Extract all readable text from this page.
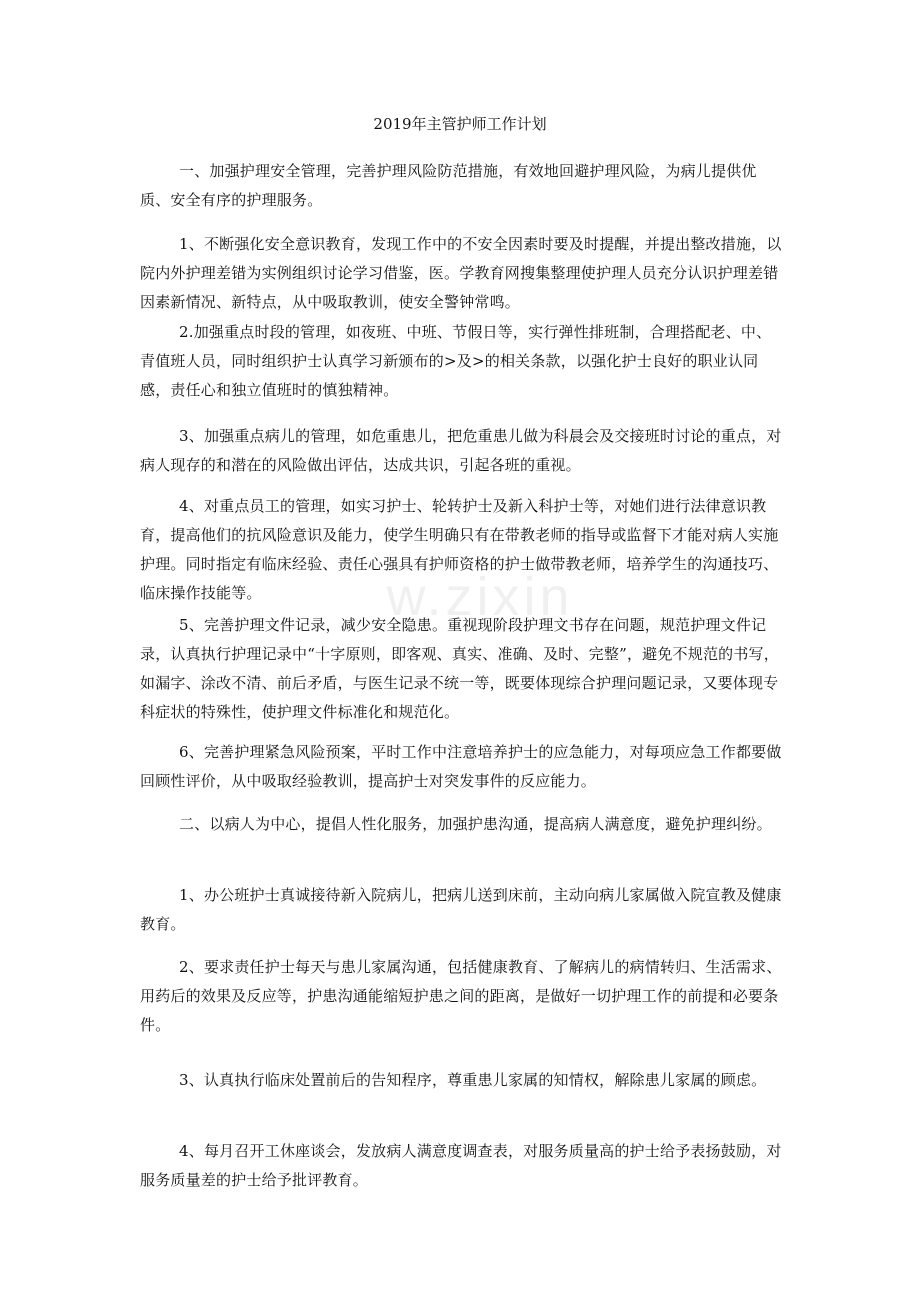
2019年主管护师工作计划
w.zixin

一、加强护理安全管理，完善护理风险防范措施，有效地回避护理风险，为病儿提供优质、安全有序的护理服务。

1、不断强化安全意识教育，发现工作中的不安全因素时要及时提醒，并提出整改措施，以院内外护理差错为实例组织讨论学习借鉴，医。学教育网搜集整理使护理人员充分认识护理差错因素新情况、新特点，从中吸取教训，使安全警钟常鸣。

2.加强重点时段的管理，如夜班、中班、节假日等，实行弹性排班制，合理搭配老、中、青值班人员，同时组织护士认真学习新颁布的>及>的相关条款，以强化护士良好的职业认同感，责任心和独立值班时的慎独精神。

3、加强重点病儿的管理，如危重患儿，把危重患儿做为科晨会及交接班时讨论的重点，对病人现存的和潜在的风险做出评估，达成共识，引起各班的重视。

4、对重点员工的管理，如实习护士、轮转护士及新入科护士等，对她们进行法律意识教育，提高他们的抗风险意识及能力，使学生明确只有在带教老师的指导或监督下才能对病人实施护理。同时指定有临床经验、责任心强具有护师资格的护士做带教老师，培养学生的沟通技巧、临床操作技能等。

5、完善护理文件记录，减少安全隐患。重视现阶段护理文书存在问题，规范护理文件记录，认真执行护理记录中“十字原则，即客观、真实、准确、及时、完整”，避免不规范的书写，如漏字、涂改不清、前后矛盾，与医生记录不统一等，既要体现综合护理问题记录，又要体现专科症状的特殊性，使护理文件标准化和规范化。

6、完善护理紧急风险预案，平时工作中注意培养护士的应急能力，对每项应急工作都要做回顾性评价，从中吸取经验教训，提高护士对突发事件的反应能力。

二、以病人为中心，提倡人性化服务，加强护患沟通，提高病人满意度，避免护理纠纷。

1、办公班护士真诚接待新入院病儿，把病儿送到床前，主动向病儿家属做入院宣教及健康教育。

2、要求责任护士每天与患儿家属沟通，包括健康教育、了解病儿的病情转归、生活需求、用药后的效果及反应等，护患沟通能缩短护患之间的距离，是做好一切护理工作的前提和必要条件。

3、认真执行临床处置前后的告知程序，尊重患儿家属的知情权，解除患儿家属的顾虑。

4、每月召开工休座谈会，发放病人满意度调查表，对服务质量高的护士给予表扬鼓励，对服务质量差的护士给予批评教育。
